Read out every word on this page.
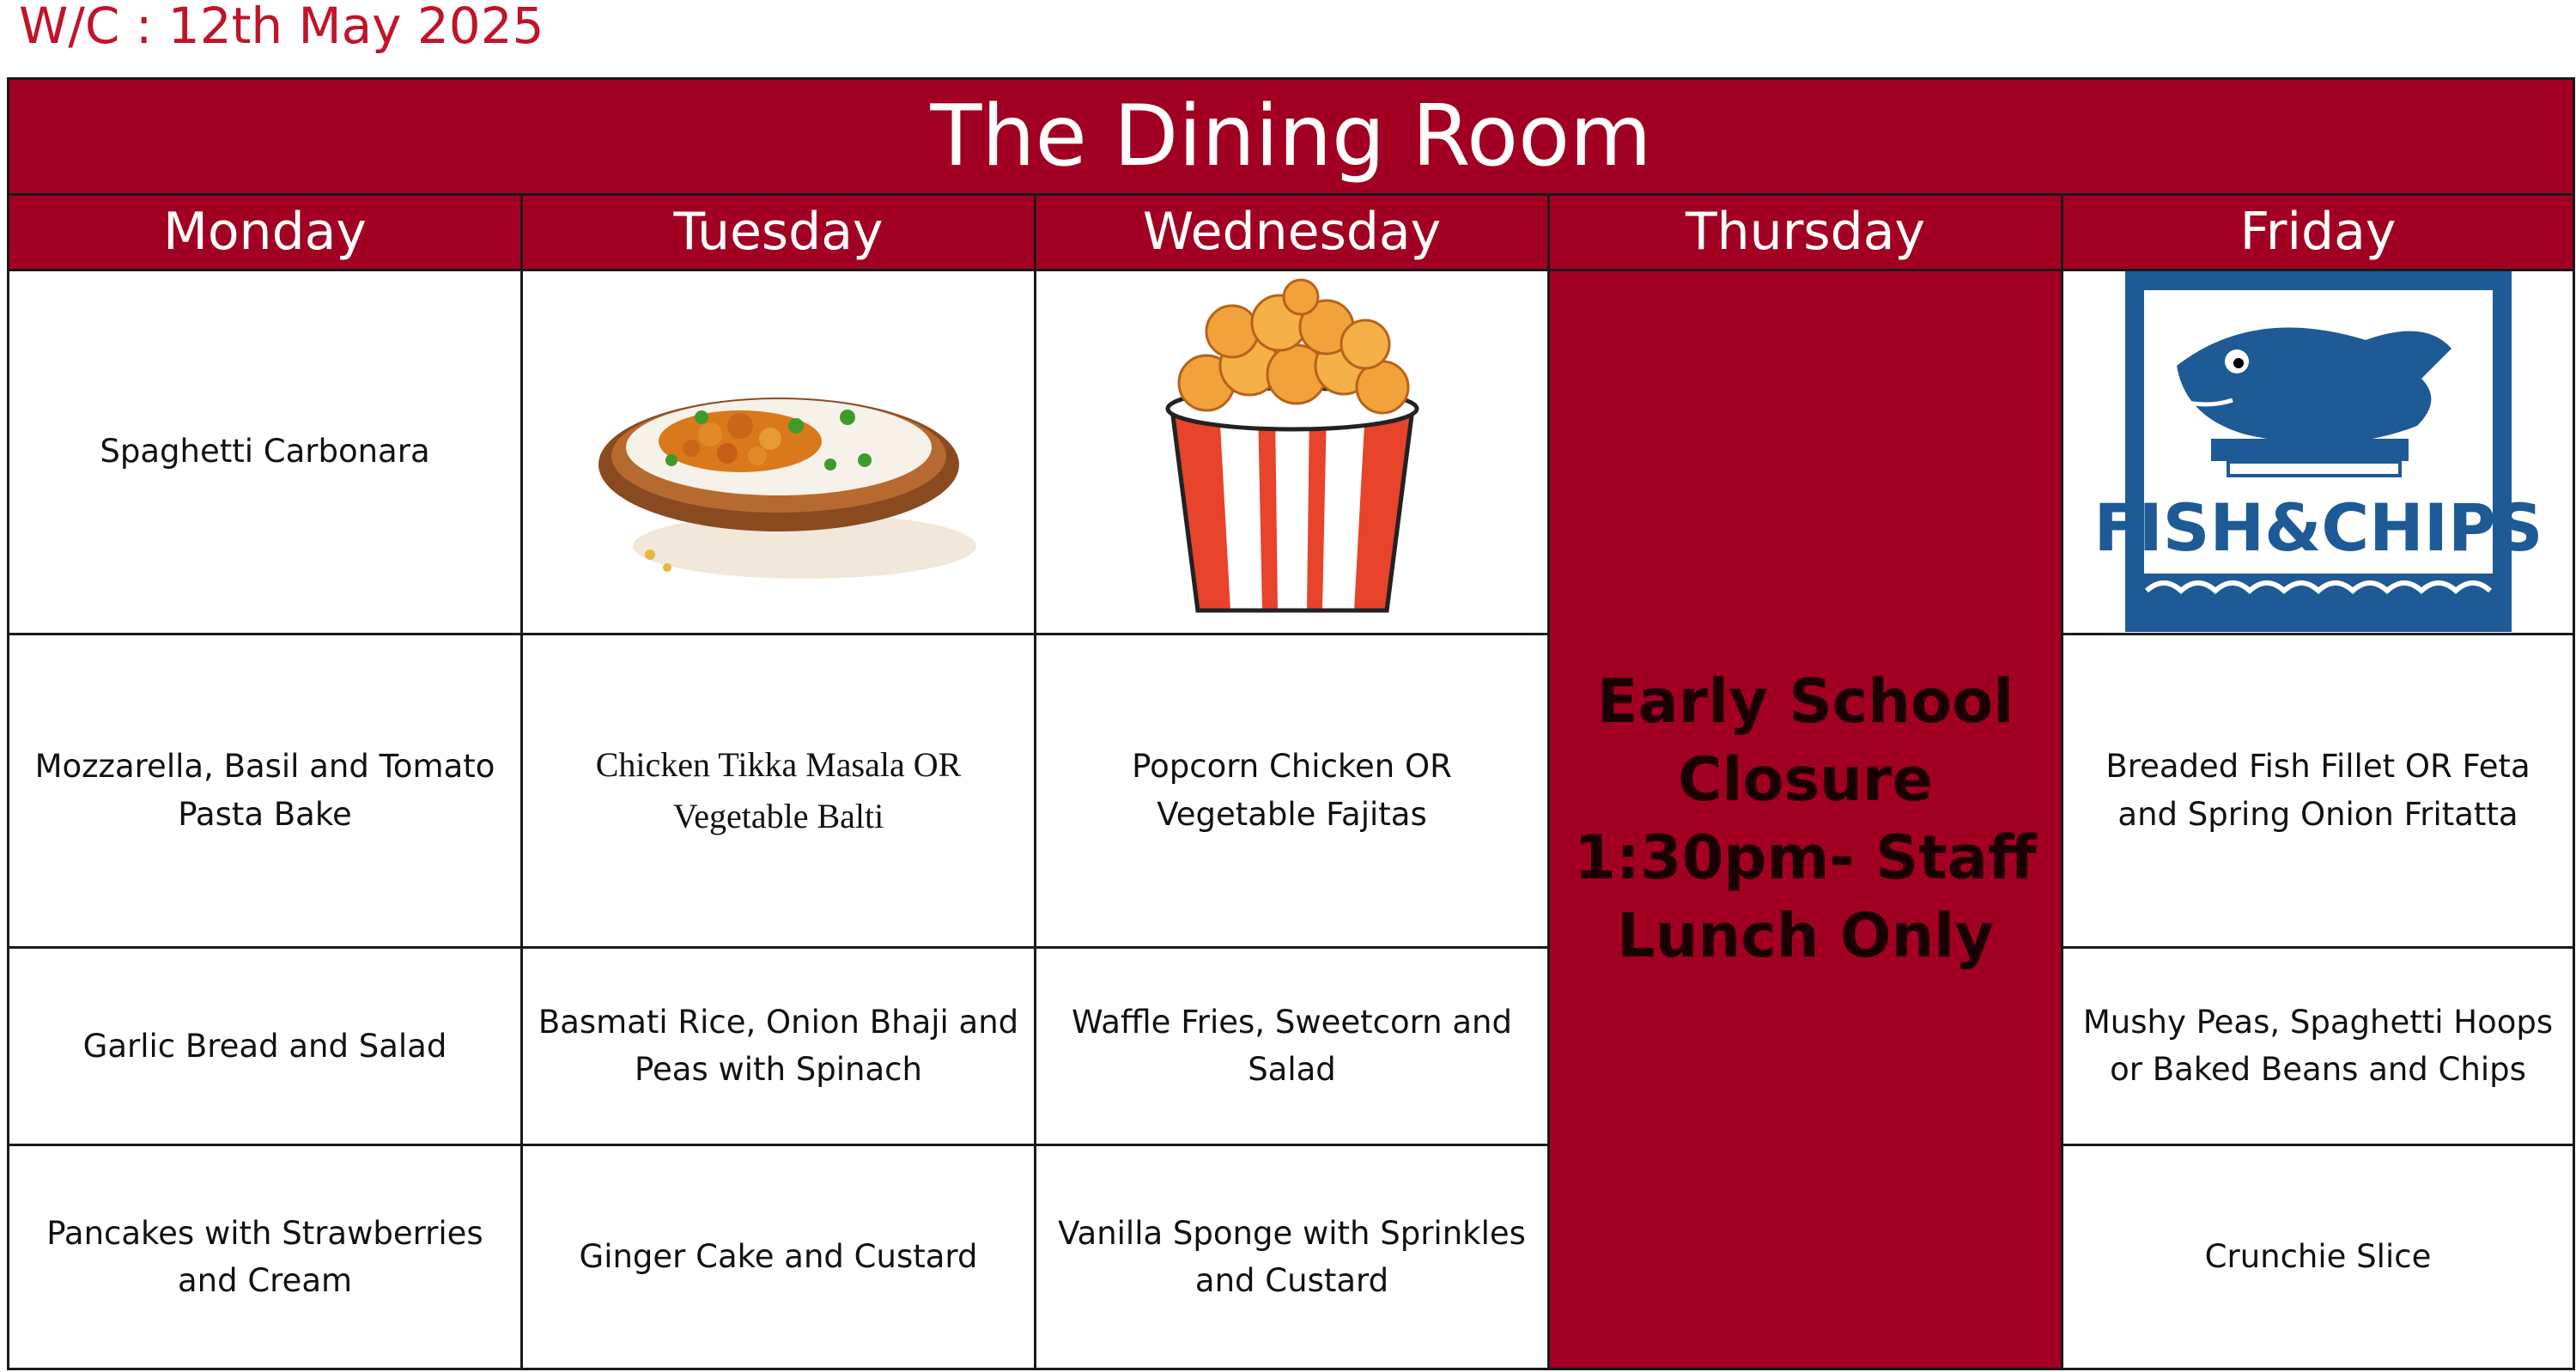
W/C : 12th May 2025
The Dining Room				
Monday	Tuesday	Wednesday	Thursday	Friday
Spaghetti Carbonara			Early School Closure 1:30pm- Staff Lunch Only	FISH&CHIPS

Mozzarella, Basil and Tomato Pasta Bake	Chicken Tikka Masala OR Vegetable Balti	Popcorn Chicken OR Vegetable Fajitas		Breaded Fish Fillet OR Feta and Spring Onion Fritatta
Garlic Bread and Salad	Basmati Rice, Onion Bhaji and Peas with Spinach	Waffle Fries, Sweetcorn and Salad		Mushy Peas, Spaghetti Hoops or Baked Beans and Chips
Pancakes with Strawberries and Cream	Ginger Cake and Custard	Vanilla Sponge with Sprinkles and Custard		Crunchie Slice
